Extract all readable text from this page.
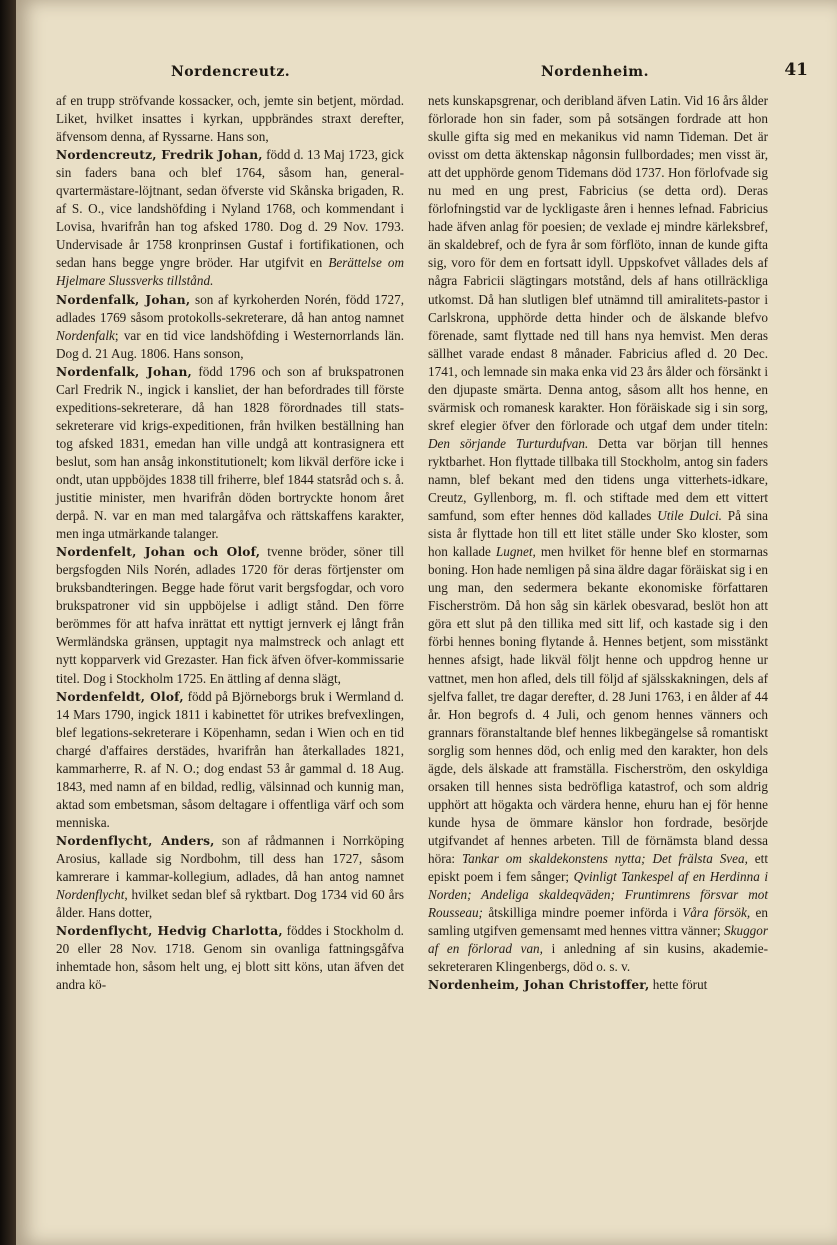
Nordencreutz.	Nordenheim.	41

af en trupp ströfvande kossacker, och, jemte sin betjent, mördad. Liket, hvilket insattes i kyrkan, uppbrändes straxt derefter, äfvensom denna, af Ryssarne. Hans son,

Nordencreutz, Fredrik Johan, född d. 13 Maj 1723, gick sin faders bana och blef 1764, såsom han, general-qvartermästare-löjtnant, sedan öfverste vid Skånska brigaden, R. af S. O., vice landshöfding i Nyland 1768, och kommendant i Lovisa, hvarifrån han tog afsked 1780. Dog d. 29 Nov. 1793. Undervisade år 1758 kronprinsen Gustaf i fortifikationen, och sedan hans begge yngre bröder. Har utgifvit en Berättelse om Hjelmare Slussverks tillstånd.

Nordenfalk, Johan, son af kyrkoherden Norén, född 1727, adlades 1769 såsom protokolls-sekreterare, då han antog namnet Nordenfalk; var en tid vice landshöfding i Westernorrlands län. Dog d. 21 Aug. 1806. Hans sonson,

Nordenfalk, Johan, född 1796 och son af brukspatronen Carl Fredrik N., ingick i kansliet, der han befordrades till förste expeditions-sekreterare, då han 1828 förordnades till stats-sekreterare vid krigs-expeditionen, från hvilken beställning han tog afsked 1831, emedan han ville undgå att kontrasignera ett beslut, som han ansåg inkonstitutionelt; kom likväl derföre icke i ondt, utan uppböjdes 1838 till friherre, blef 1844 statsråd och s. å. justitie minister, men hvarifrån döden bortryckte honom året derpå. N. var en man med talargåfva och rättskaffens karakter, men inga utmärkande talanger.

Nordenfelt, Johan och Olof, tvenne bröder, söner till bergsfogden Nils Norén, adlades 1720 för deras förtjenster om bruksbandteringen. Begge hade förut varit bergsfogdar, och voro brukspatroner vid sin uppböjelse i adligt stånd. Den förre berömmes för att hafva inrättat ett nyttigt jernverk ej långt från Wermländska gränsen, upptagit nya malmstreck och anlagt ett nytt kopparverk vid Grezaster. Han fick äfven öfver-kommissarie titel. Dog i Stockholm 1725. En ättling af denna slägt,

Nordenfeldt, Olof, född på Björneborgs bruk i Wermland d. 14 Mars 1790, ingick 1811 i kabinettet för utrikes brefvexlingen, blef legations-sekreterare i Köpenhamn, sedan i Wien och en tid chargé d'affaires derstädes, hvarifrån han återkallades 1821, kammarherre, R. af N. O.; dog endast 53 år gammal d. 18 Aug. 1843, med namn af en bildad, redlig, välsinnad och kunnig man, aktad som embetsman, såsom deltagare i offentliga värf och som menniska.

Nordenflycht, Anders, son af rådmannen i Norrköping Arosius, kallade sig Nordbohm, till dess han 1727, såsom kamrerare i kammar-kollegium, adlades, då han antog namnet Nordenflycht, hvilket sedan blef så ryktbart. Dog 1734 vid 60 års ålder. Hans dotter,

Nordenflycht, Hedvig Charlotta, föddes i Stockholm d. 20 eller 28 Nov. 1718. Genom sin ovanliga fattningsgåfva inhemtade hon, såsom helt ung, ej blott sitt köns, utan äfven det andra kö-

nets kunskapsgrenar, och deribland äfven Latin. Vid 16 års ålder förlorade hon sin fader, som på sotsängen fordrade att hon skulle gifta sig med en mekanikus vid namn Tideman. Det är ovisst om detta äktenskap någonsin fullbordades; men visst är, att det upphörde genom Tidemans död 1737. Hon förlofvade sig nu med en ung prest, Fabricius (se detta ord). Deras förlofningstid var de lyckligaste åren i hennes lefnad. Fabricius hade äfven anlag för poesien; de vexlade ej mindre kärleksbref, än skaldebref, och de fyra år som förflöto, innan de kunde gifta sig, voro för dem en fortsatt idyll. Uppskofvet vållades dels af några Fabricii slägtingars motstånd, dels af hans otillräckliga utkomst. Då han slutligen blef utnämnd till amiralitets-pastor i Carlskrona, upphörde detta hinder och de älskande blefvo förenade, samt flyttade ned till hans nya hemvist. Men deras sällhet varade endast 8 månader. Fabricius afled d. 20 Dec. 1741, och lemnade sin maka enka vid 23 års ålder och försänkt i den djupaste smärta. Denna antog, såsom allt hos henne, en svärmisk och romanesk karakter. Hon föräiskade sig i sin sorg, skref elegier öfver den förlorade och utgaf dem under titeln: Den sörjande Turturdufvan. Detta var början till hennes ryktbarhet. Hon flyttade tillbaka till Stockholm, antog sin faders namn, blef bekant med den tidens unga vitterhets-idkare, Creutz, Gyllenborg, m. fl. och stiftade med dem ett vittert samfund, som efter hennes död kallades Utile Dulci. På sina sista år flyttade hon till ett litet ställe under Sko kloster, som hon kallade Lugnet, men hvilket för henne blef en stormarnas boning. Hon hade nemligen på sina äldre dagar föräiskat sig i en ung man, den sedermera bekante ekonomiske författaren Fischerström. Då hon såg sin kärlek obesvarad, beslöt hon att göra ett slut på den tillika med sitt lif, och kastade sig i den förbi hennes boning flytande å. Hennes betjent, som misstänkt hennes afsigt, hade likväl följt henne och uppdrog henne ur vattnet, men hon afled, dels till följd af själsskakningen, dels af sjelfva fallet, tre dagar derefter, d. 28 Juni 1763, i en ålder af 44 år. Hon begrofs d. 4 Juli, och genom hennes vänners och grannars föranstaltande blef hennes likbegängelse så romantiskt sorglig som hennes död, och enlig med den karakter, hon dels ägde, dels älskade att framställa. Fischerström, den oskyldiga orsaken till hennes sista bedröfliga katastrof, och som aldrig upphört att högakta och värdera henne, ehuru han ej för henne kunde hysa de ömmare känslor hon fordrade, besörjde utgifvandet af hennes arbeten. Till de förnämsta bland dessa höra: Tankar om skaldekonstens nytta; Det frälsta Svea, ett episkt poem i fem sånger; Qvinligt Tankespel af en Herdinna i Norden; Andeliga skaldeqväden; Fruntimrens försvar mot Rousseau; åtskilliga mindre poemer införda i Våra försök, en samling utgifven gemensamt med hennes vittra vänner; Skuggor af en förlorad van, i anledning af sin kusins, akademie-sekreteraren Klingenbergs, död o. s. v.

Nordenheim, Johan Christoffer, hette förut
